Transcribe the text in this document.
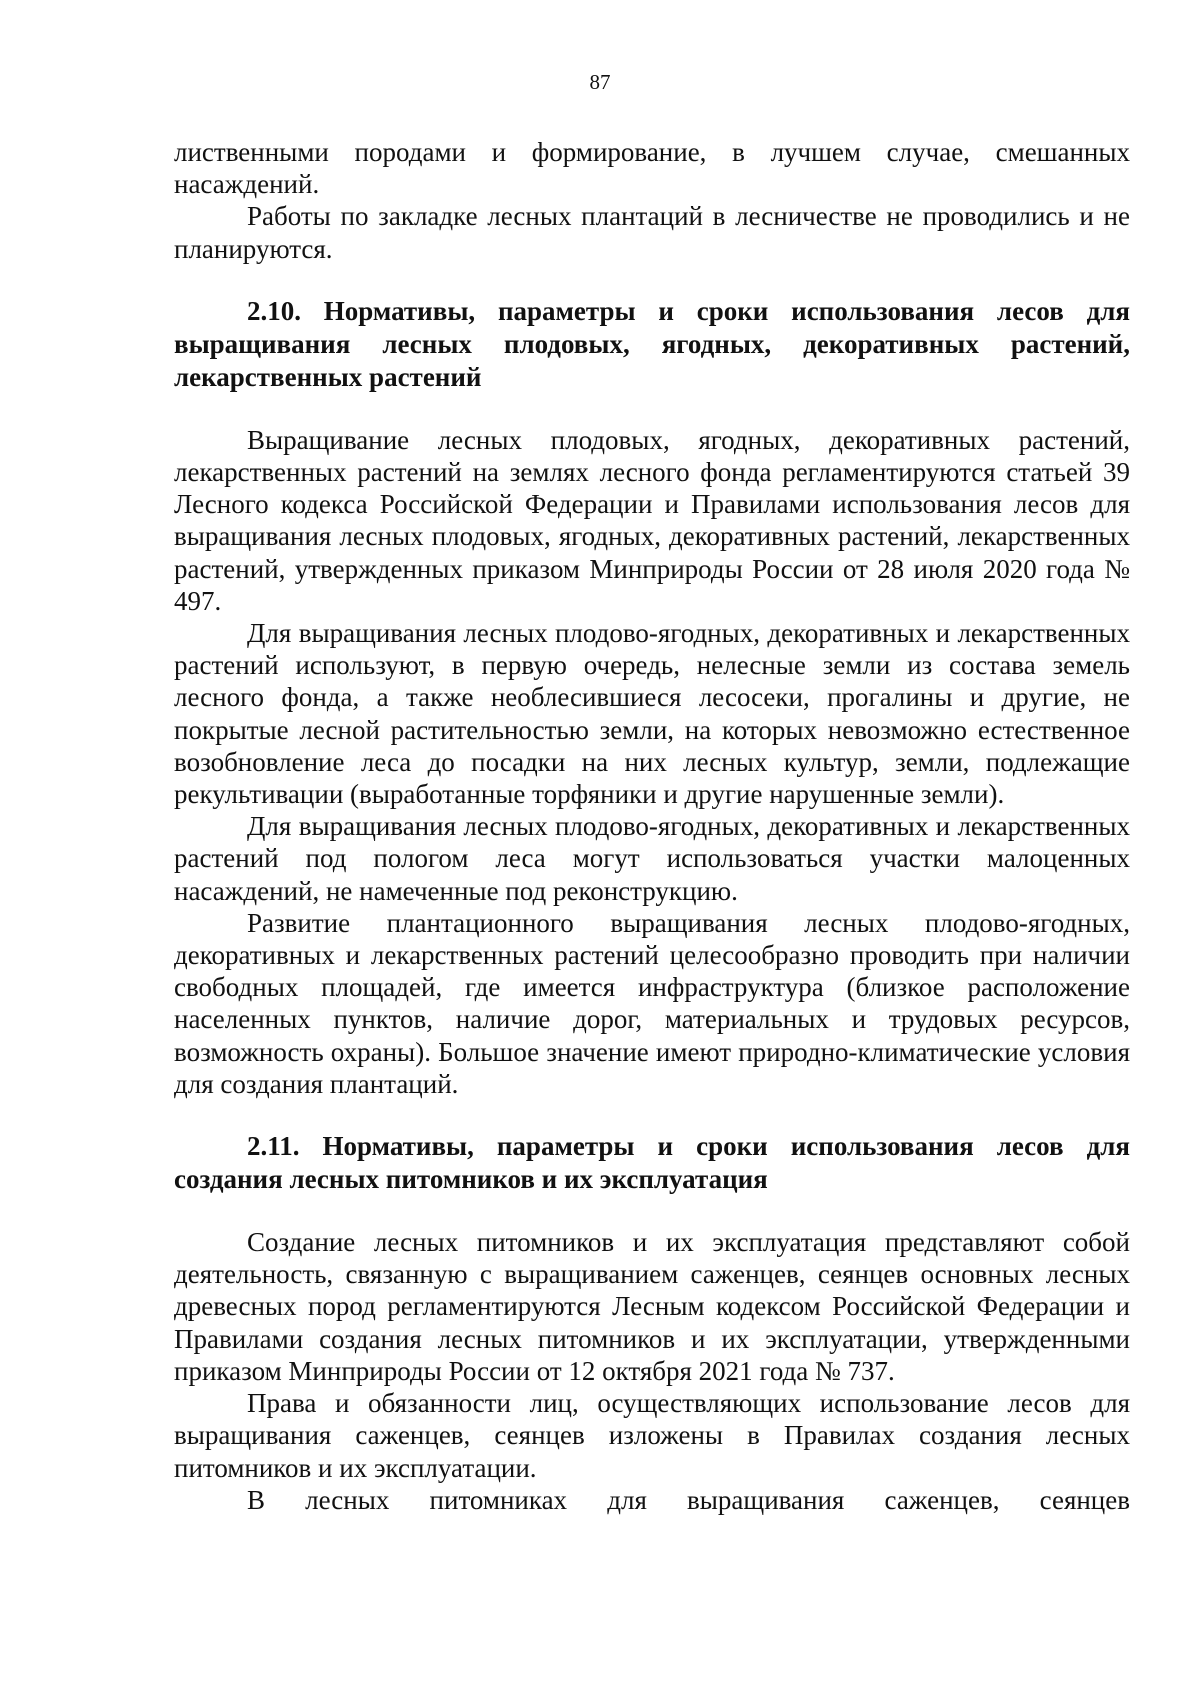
87

лиственными породами и формирование, в лучшем случае, смешанных насаждений.

Работы по закладке лесных плантаций в лесничестве не проводились и не планируются.

2.10. Нормативы, параметры и сроки использования лесов для выращивания лесных плодовых, ягодных, декоративных растений, лекарственных растений

Выращивание лесных плодовых, ягодных, декоративных растений, лекарственных растений на землях лесного фонда регламентируются статьей 39 Лесного кодекса Российской Федерации и Правилами использования лесов для выращивания лесных плодовых, ягодных, декоративных растений, лекарственных растений, утвержденных приказом Минприроды России от 28 июля 2020 года № 497.

Для выращивания лесных плодово-ягодных, декоративных и лекарственных растений используют, в первую очередь, нелесные земли из состава земель лесного фонда, а также необлесившиеся лесосеки, прогалины и другие, не покрытые лесной растительностью земли, на которых невозможно естественное возобновление леса до посадки на них лесных культур, земли, подлежащие рекультивации (выработанные торфяники и другие нарушенные земли).

Для выращивания лесных плодово-ягодных, декоративных и лекарственных растений под пологом леса могут использоваться участки малоценных насаждений, не намеченные под реконструкцию.

Развитие плантационного выращивания лесных плодово-ягодных, декоративных и лекарственных растений целесообразно проводить при наличии свободных площадей, где имеется инфраструктура (близкое расположение населенных пунктов, наличие дорог, материальных и трудовых ресурсов, возможность охраны). Большое значение имеют природно-климатические условия для создания плантаций.

2.11. Нормативы, параметры и сроки использования лесов для создания лесных питомников и их эксплуатация

Создание лесных питомников и их эксплуатация представляют собой деятельность, связанную с выращиванием саженцев, сеянцев основных лесных древесных пород регламентируются Лесным кодексом Российской Федерации и Правилами создания лесных питомников и их эксплуатации, утвержденными приказом Минприроды России от 12 октября 2021 года № 737.

Права и обязанности лиц, осуществляющих использование лесов для выращивания саженцев, сеянцев изложены в Правилах создания лесных питомников и их эксплуатации.

В лесных питомниках для выращивания саженцев, сеянцев
